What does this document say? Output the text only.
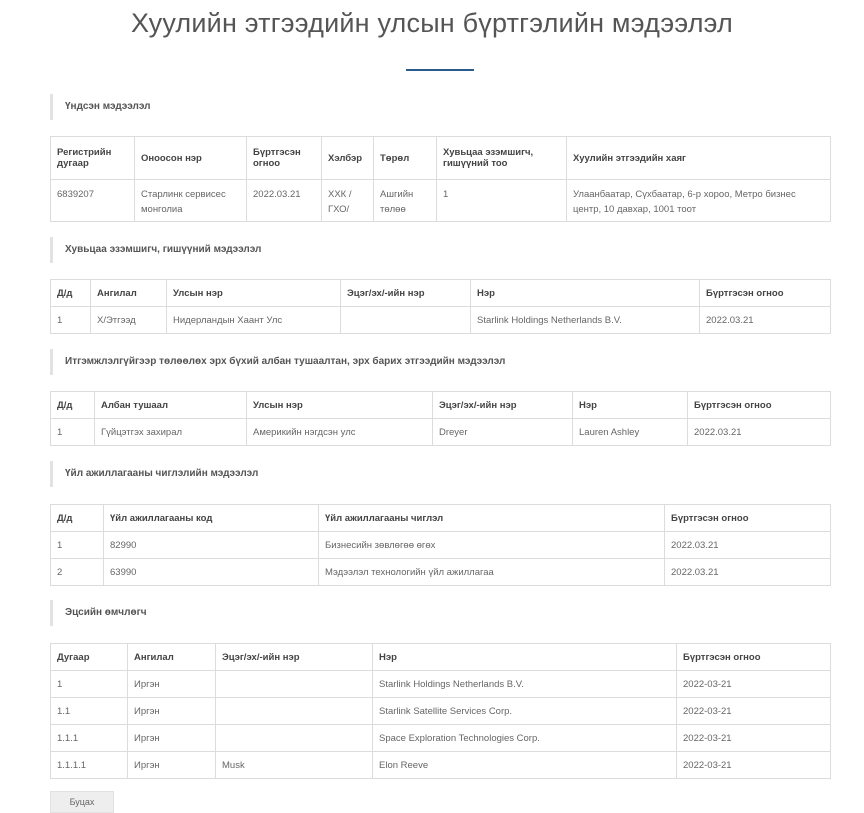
Хуулийн этгээдийн улсын бүртгэлийн мэдээлэл
Үндсэн мэдээлэл
Регистрийн дугаар	Оноосон нэр	Бүртгэсэн огноо	Хэлбэр	Төрөл	Хувьцаа эзэмшигч, гишүүний тоо	Хуулийн этгээдийн хаяг
6839207	Старлинк сервисес монголиа	2022.03.21	ХХК / ГХО/	Ашгийн төлөө	1	Улаанбаатар, Сүхбаатар, 6-р хороо, Метро бизнес центр, 10 давхар, 1001 тоот
Хувьцаа эзэмшигч, гишүүний мэдээлэл
Д/д	Ангилал	Улсын нэр	Эцэг/эх/-ийн нэр	Нэр	Бүртгэсэн огноо
1	Х/Этгээд	Нидерландын Хаант Улс		Starlink Holdings Netherlands B.V.	2022.03.21
Итгэмжлэлгүйгээр төлөөлөх эрх бүхий албан тушаалтан, эрх барих этгээдийн мэдээлэл
Д/д	Албан тушаал	Улсын нэр	Эцэг/эх/-ийн нэр	Нэр	Бүртгэсэн огноо
1	Гүйцэтгэх захирал	Америкийн нэгдсэн улс	Dreyer	Lauren Ashley	2022.03.21
Үйл ажиллагааны чиглэлийн мэдээлэл
Д/д	Үйл ажиллагааны код	Үйл ажиллагааны чиглэл	Бүртгэсэн огноо
1	82990	Бизнесийн зөвлөгөө өгөх	2022.03.21
2	63990	Мэдээлэл технологийн үйл ажиллагаа	2022.03.21
Эцсийн өмчлөгч
Дугаар	Ангилал	Эцэг/эх/-ийн нэр	Нэр	Бүртгэсэн огноо
1	Иргэн		Starlink Holdings Netherlands B.V.	2022-03-21
1.1	Иргэн		Starlink Satellite Services Corp.	2022-03-21
1.1.1	Иргэн		Space Exploration Technologies Corp.	2022-03-21
1.1.1.1	Иргэн	Musk	Elon Reeve	2022-03-21
Буцах
